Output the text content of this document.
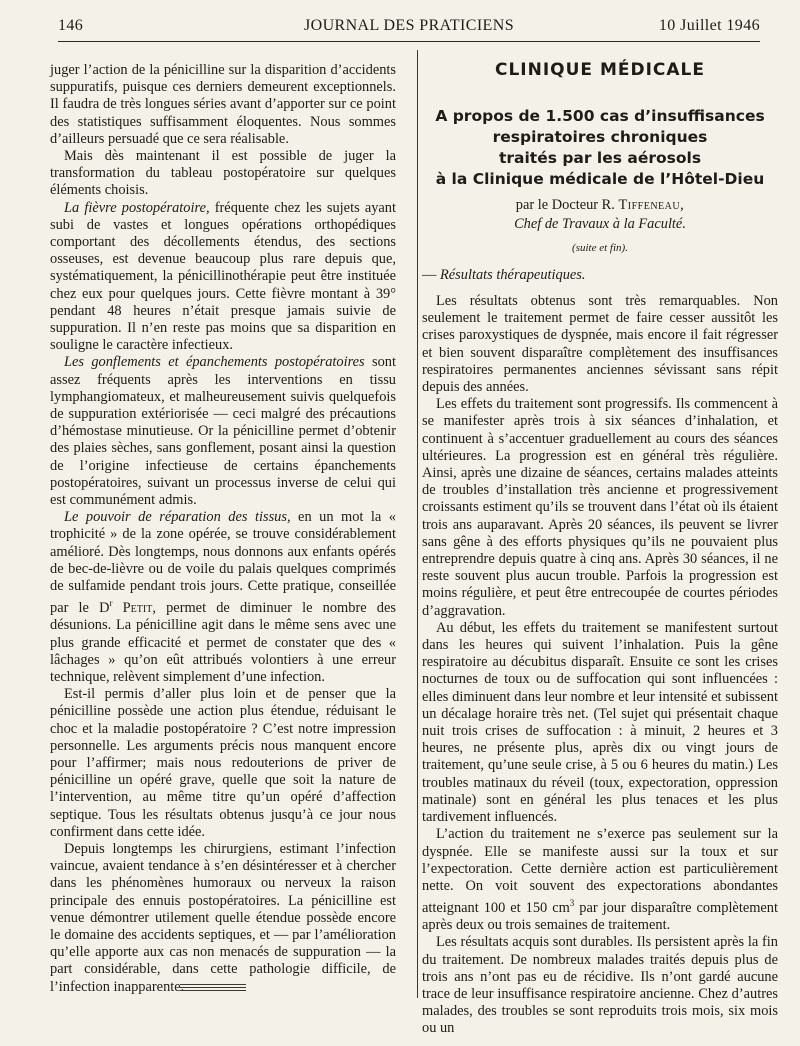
146	JOURNAL DES PRATICIENS	10 Juillet 1946

juger l’action de la pénicilline sur la disparition d’accidents suppuratifs, puisque ces derniers demeurent exceptionnels. Il faudra de très longues séries avant d’apporter sur ce point des statistiques suffisamment éloquentes. Nous sommes d’ailleurs persuadé que ce sera réalisable.

Mais dès maintenant il est possible de juger la transformation du tableau postopératoire sur quelques éléments choisis.

La fièvre postopératoire, fréquente chez les sujets ayant subi de vastes et longues opérations orthopédiques comportant des décollements étendus, des sections osseuses, est devenue beaucoup plus rare depuis que, systématiquement, la pénicillinothérapie peut être instituée chez eux pour quelques jours. Cette fièvre montant à 39° pendant 48 heures n’était presque jamais suivie de suppuration. Il n’en reste pas moins que sa disparition en souligne le caractère infectieux.

Les gonflements et épanchements postopératoires sont assez fréquents après les interventions en tissu lymphangiomateux, et malheureusement suivis quelquefois de suppuration extériorisée — ceci malgré des précautions d’hémostase minutieuse. Or la pénicilline permet d’obtenir des plaies sèches, sans gonflement, posant ainsi la question de l’origine infectieuse de certains épanchements postopératoires, suivant un processus inverse de celui qui est communément admis.

Le pouvoir de réparation des tissus, en un mot la « trophicité » de la zone opérée, se trouve considérablement amélioré. Dès longtemps, nous donnons aux enfants opérés de bec-de-lièvre ou de voile du palais quelques comprimés de sulfamide pendant trois jours. Cette pratique, conseillée par le $D^r$ Petit, permet de diminuer le nombre des désunions. La pénicilline agit dans le même sens avec une plus grande efficacité et permet de constater que des « lâchages » qu’on eût attribués volontiers à une erreur technique, relèvent simplement d’une infection.

Est-il permis d’aller plus loin et de penser que la pénicilline possède une action plus étendue, réduisant le choc et la maladie postopératoire ? C’est notre impression personnelle. Les arguments précis nous manquent encore pour l’affirmer; mais nous redouterions de priver de pénicilline un opéré grave, quelle que soit la nature de l’intervention, au même titre qu’un opéré d’affection septique. Tous les résultats obtenus jusqu’à ce jour nous confirment dans cette idée.

Depuis longtemps les chirurgiens, estimant l’infection vaincue, avaient tendance à s’en désintéresser et à chercher dans les phénomènes humoraux ou nerveux la raison principale des ennuis postopératoires. La pénicilline est venue démontrer utilement quelle étendue possède encore le domaine des accidents septiques, et — par l’amélioration qu’elle apporte aux cas non menacés de suppuration — la part considérable, dans cette pathologie difficile, de l’infection inapparente.

CLINIQUE MÉDICALE
A propos de 1.500 cas d’insuffisances
respiratoires chroniques
traités par les aérosols
à la Clinique médicale de l’Hôtel-Dieu
par le Docteur R. Tiffeneau,
Chef de Travaux à la Faculté.
(suite et fin).
— Résultats thérapeutiques.

Les résultats obtenus sont très remarquables. Non seulement le traitement permet de faire cesser aussitôt les crises paroxystiques de dyspnée, mais encore il fait régresser et bien souvent disparaître complètement des insuffisances respiratoires permanentes anciennes sévissant sans répit depuis des années.

Les effets du traitement sont progressifs. Ils commencent à se manifester après trois à six séances d’inhalation, et continuent à s’accentuer graduellement au cours des séances ultérieures. La progression est en général très régulière. Ainsi, après une dizaine de séances, certains malades atteints de troubles d’installation très ancienne et progressivement croissants estiment qu’ils se trouvent dans l’état où ils étaient trois ans auparavant. Après 20 séances, ils peuvent se livrer sans gêne à des efforts physiques qu’ils ne pouvaient plus entreprendre depuis quatre à cinq ans. Après 30 séances, il ne reste souvent plus aucun trouble. Parfois la progression est moins régulière, et peut être entrecoupée de courtes périodes d’aggravation.

Au début, les effets du traitement se manifestent surtout dans les heures qui suivent l’inhalation. Puis la gêne respiratoire au décubitus disparaît. Ensuite ce sont les crises nocturnes de toux ou de suffocation qui sont influencées : elles diminuent dans leur nombre et leur intensité et subissent un décalage horaire très net. (Tel sujet qui présentait chaque nuit trois crises de suffocation : à minuit, 2 heures et 3 heures, ne présente plus, après dix ou vingt jours de traitement, qu’une seule crise, à 5 ou 6 heures du matin.) Les troubles matinaux du réveil (toux, expectoration, oppression matinale) sont en général les plus tenaces et les plus tardivement influencés.

L’action du traitement ne s’exerce pas seulement sur la dyspnée. Elle se manifeste aussi sur la toux et sur l’expectoration. Cette dernière action est particulièrement nette. On voit souvent des expectorations abondantes atteignant 100 et 150 $cm^3$ par jour disparaître complètement après deux ou trois semaines de traitement.

Les résultats acquis sont durables. Ils persistent après la fin du traitement. De nombreux malades traités depuis plus de trois ans n’ont pas eu de récidive. Ils n’ont gardé aucune trace de leur insuffisance respiratoire ancienne. Chez d’autres malades, des troubles se sont reproduits trois mois, six mois ou un
